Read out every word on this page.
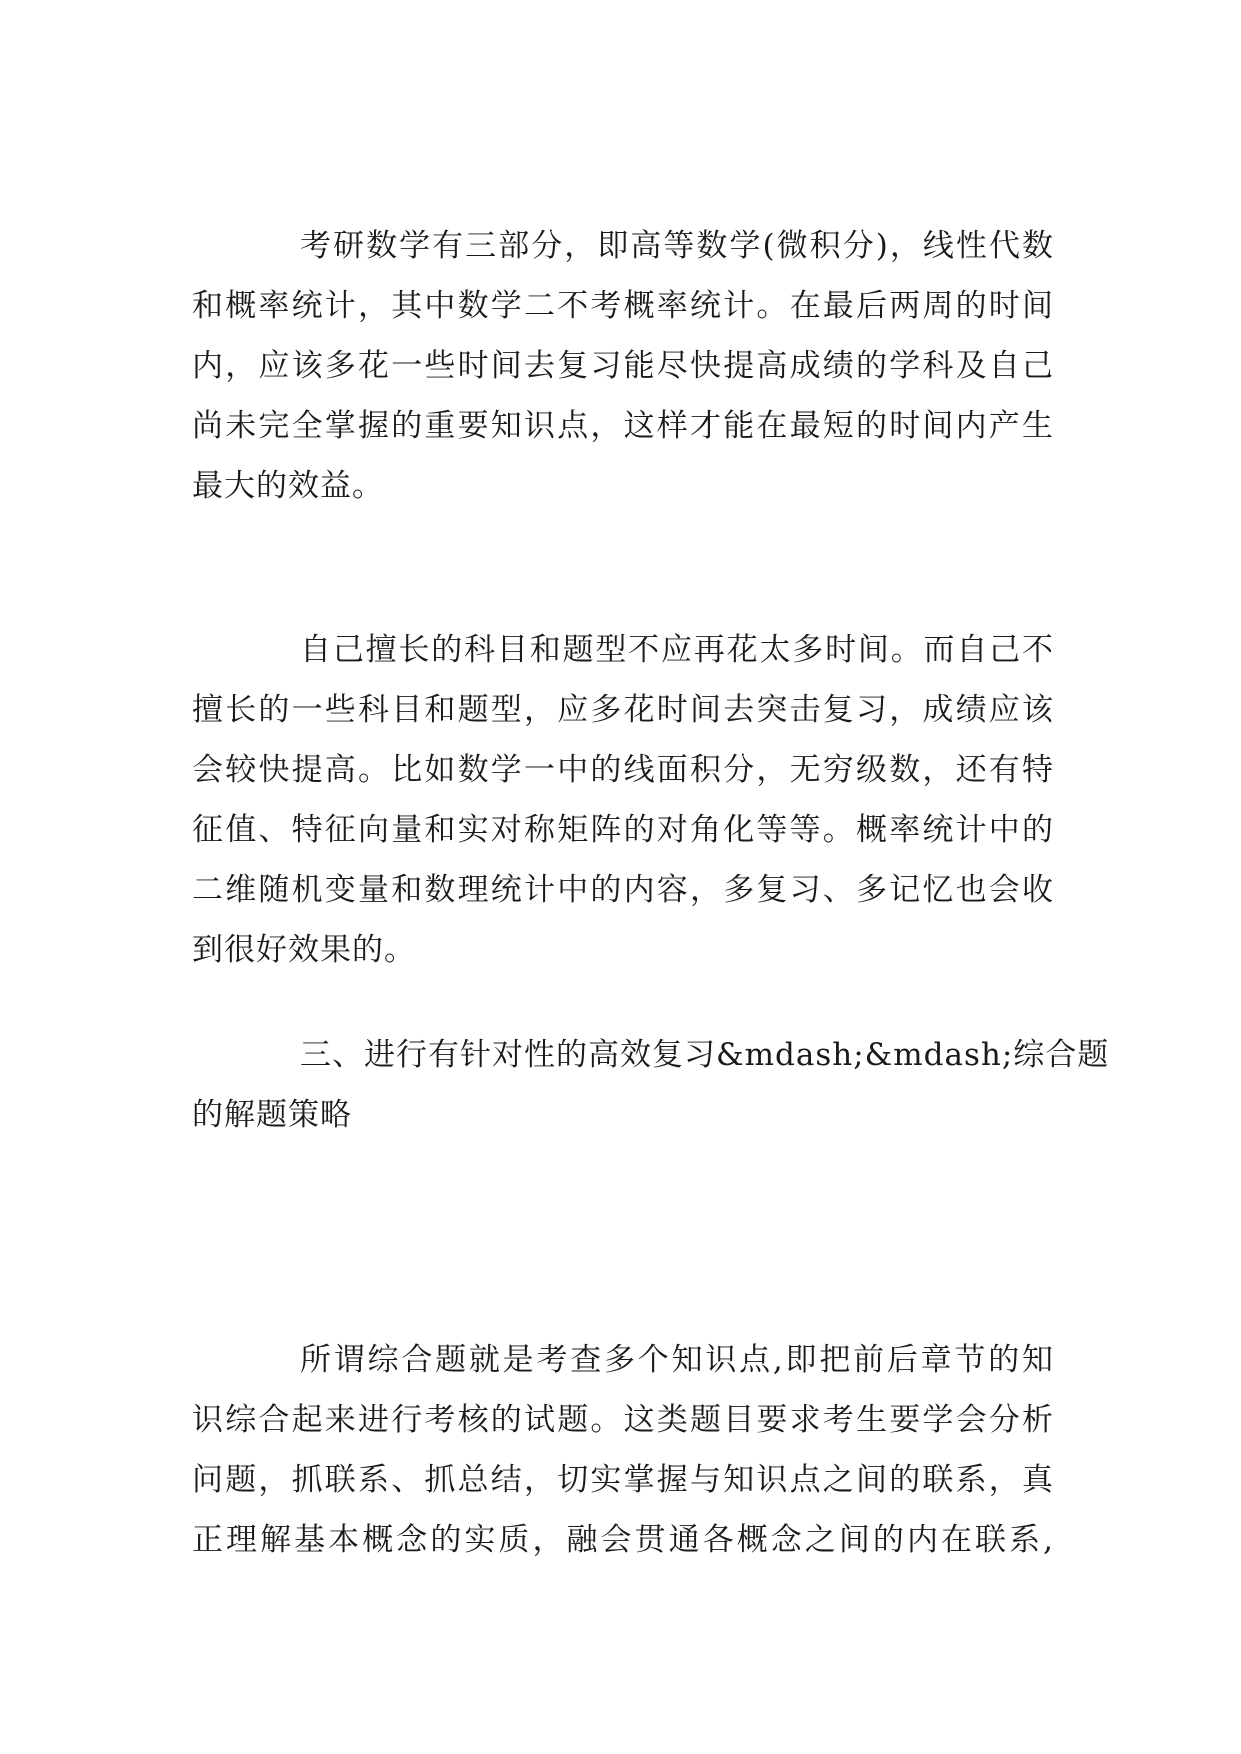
考研数学有三部分，即高等数学(微积分)，线性代数
和概率统计，其中数学二不考概率统计。在最后两周的时间
内，应该多花一些时间去复习能尽快提高成绩的学科及自己
尚未完全掌握的重要知识点，这样才能在最短的时间内产生
最大的效益。
自己擅长的科目和题型不应再花太多时间。而自己不
擅长的一些科目和题型，应多花时间去突击复习，成绩应该
会较快提高。比如数学一中的线面积分，无穷级数，还有特
征值、特征向量和实对称矩阵的对角化等等。概率统计中的
二维随机变量和数理统计中的内容，多复习、多记忆也会收
到很好效果的。
三、进行有针对性的高效复习&mdash;&mdash;综合题
的解题策略
所谓综合题就是考查多个知识点,即把前后章节的知
识综合起来进行考核的试题。这类题目要求考生要学会分析
问题，抓联系、抓总结，切实掌握与知识点之间的联系，真
正理解基本概念的实质，融会贯通各概念之间的内在联系,
